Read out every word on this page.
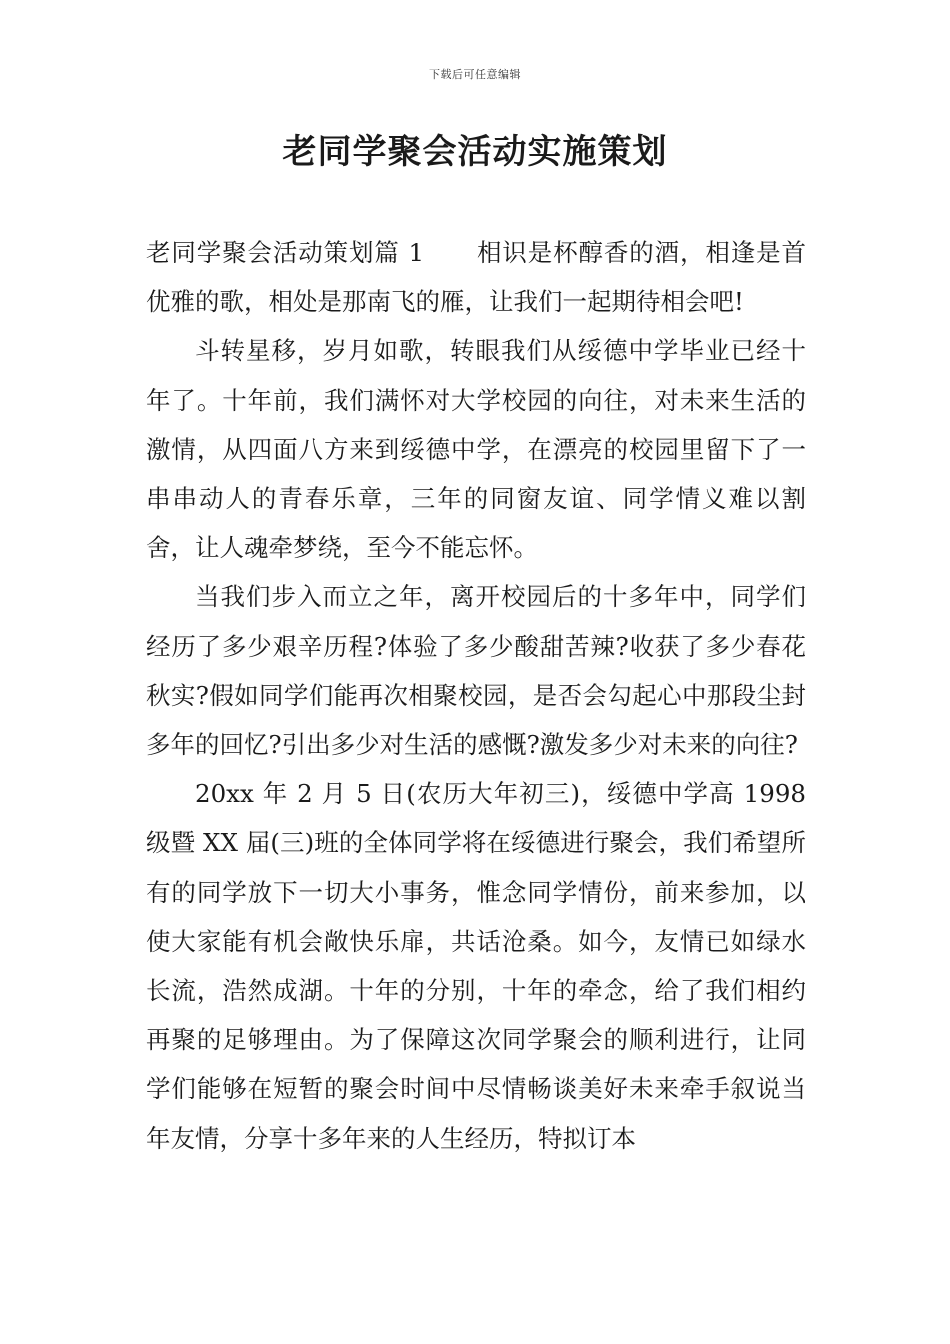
下载后可任意编辑
老同学聚会活动实施策划

老同学聚会活动策划篇 1 相识是杯醇香的酒，相逢是首优雅的歌，相处是那南飞的雁，让我们一起期待相会吧!

斗转星移，岁月如歌，转眼我们从绥德中学毕业已经十年了。十年前，我们满怀对大学校园的向往，对未来生活的激情，从四面八方来到绥德中学，在漂亮的校园里留下了一串串动人的青春乐章，三年的同窗友谊、同学情义难以割舍，让人魂牵梦绕，至今不能忘怀。

当我们步入而立之年，离开校园后的十多年中，同学们经历了多少艰辛历程?体验了多少酸甜苦辣?收获了多少春花秋实?假如同学们能再次相聚校园，是否会勾起心中那段尘封多年的回忆?引出多少对生活的感慨?激发多少对未来的向往?

20xx 年 2 月 5 日(农历大年初三)，绥德中学高 1998 级暨 XX 届(三)班的全体同学将在绥德进行聚会，我们希望所有的同学放下一切大小事务，惟念同学情份，前来参加，以使大家能有机会敞快乐扉，共话沧桑。如今，友情已如绿水长流，浩然成湖。十年的分别，十年的牵念，给了我们相约再聚的足够理由。为了保障这次同学聚会的顺利进行，让同学们能够在短暂的聚会时间中尽情畅谈美好未来牵手叙说当年友情，分享十多年来的人生经历，特拟订本
